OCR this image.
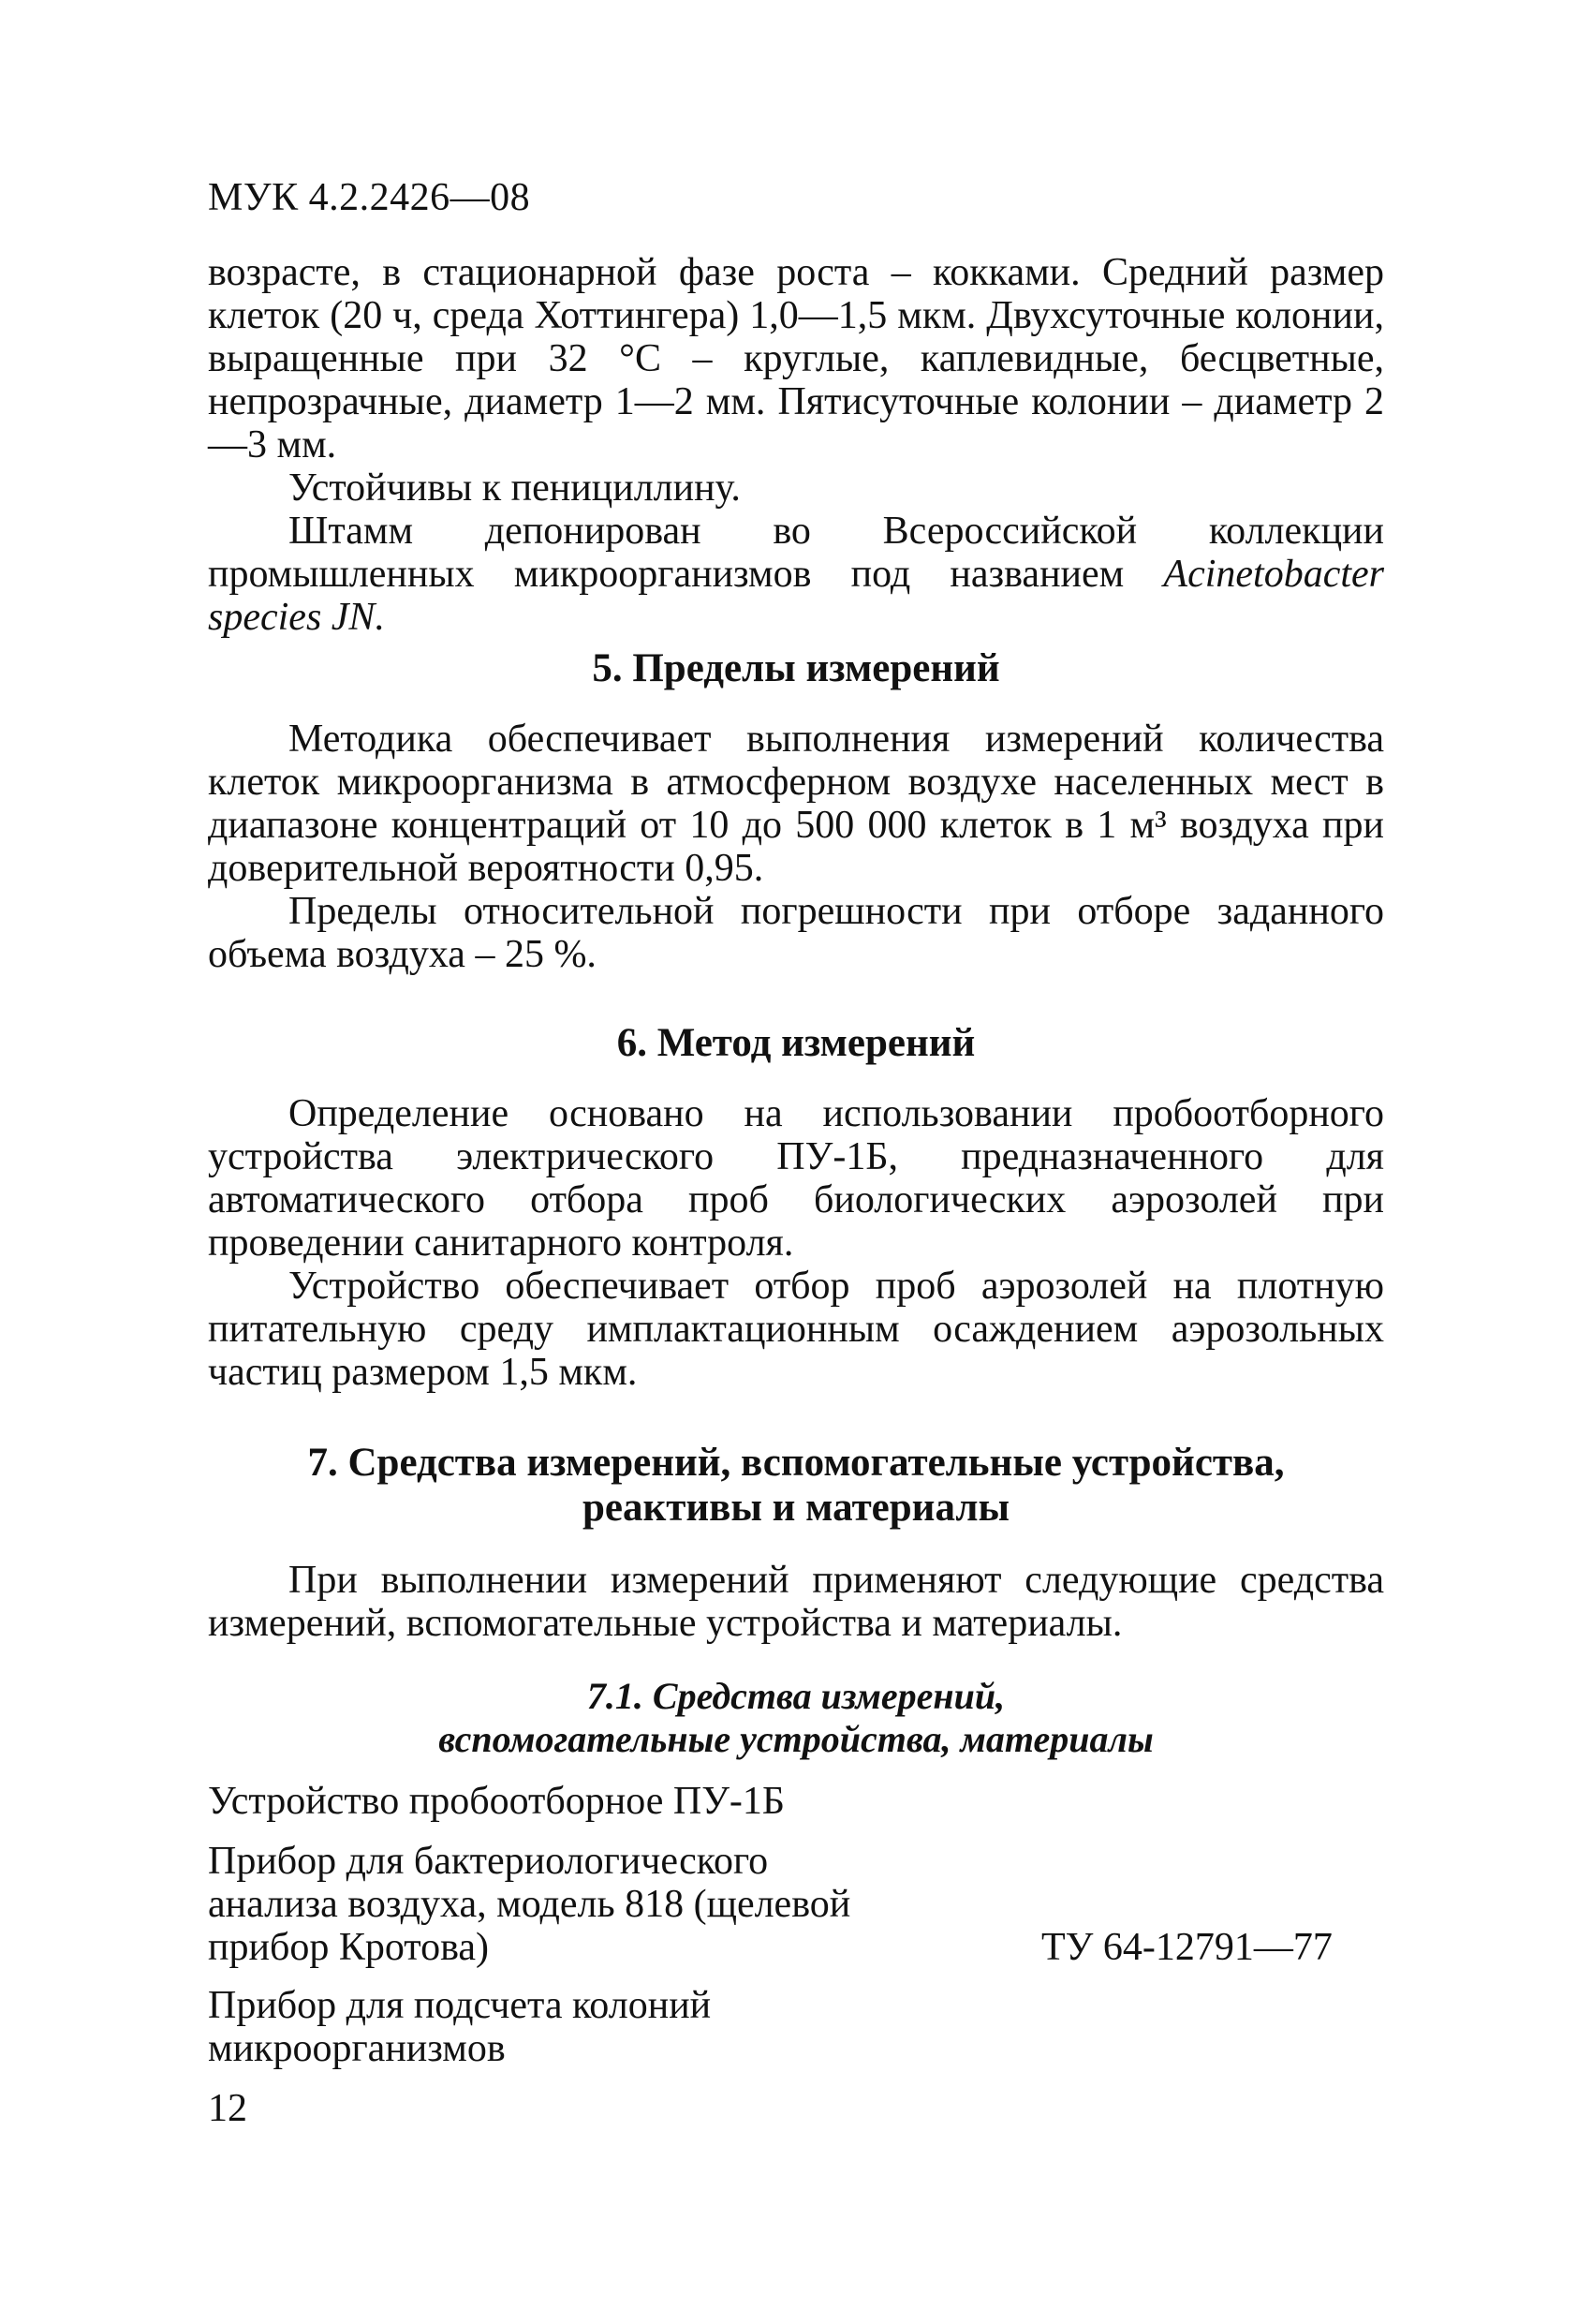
МУК 4.2.2426—08

возрасте, в стационарной фазе роста – кокками. Средний размер клеток (20 ч, среда Хоттингера) 1,0—1,5 мкм. Двухсуточные колонии, выращенные при 32 °С – круглые, каплевидные, бесцветные, непрозрачные, диаметр 1—2 мм. Пятисуточные колонии – диаметр 2—3 мм.

Устойчивы к пенициллину.

Штамм депонирован во Всероссийской коллекции промышленных микроорганизмов под названием Acinetobacter species JN.

5. Пределы измерений

Методика обеспечивает выполнения измерений количества клеток микроорганизма в атмосферном воздухе населенных мест в диапазоне концентраций от 10 до 500 000 клеток в 1 м³ воздуха при доверительной вероятности 0,95.

Пределы относительной погрешности при отборе заданного объема воздуха – 25 %.

6. Метод измерений

Определение основано на использовании пробоотборного устройства электрического ПУ-1Б, предназначенного для автоматического отбора проб биологических аэрозолей при проведении санитарного контроля.

Устройство обеспечивает отбор проб аэрозолей на плотную питательную среду имплактационным осаждением аэрозольных частиц размером 1,5 мкм.

7. Средства измерений, вспомогательные устройства,
реактивы и материалы

При выполнении измерений применяют следующие средства измерений, вспомогательные устройства и материалы.

7.1. Средства измерений,
вспомогательные устройства, материалы
Устройство пробоотборное ПУ-1Б
Прибор для бактериологического анализа воздуха, модель 818 (щелевой прибор Кротова)	ТУ 64-12791—77
Прибор для подсчета колоний микроорганизмов
12
